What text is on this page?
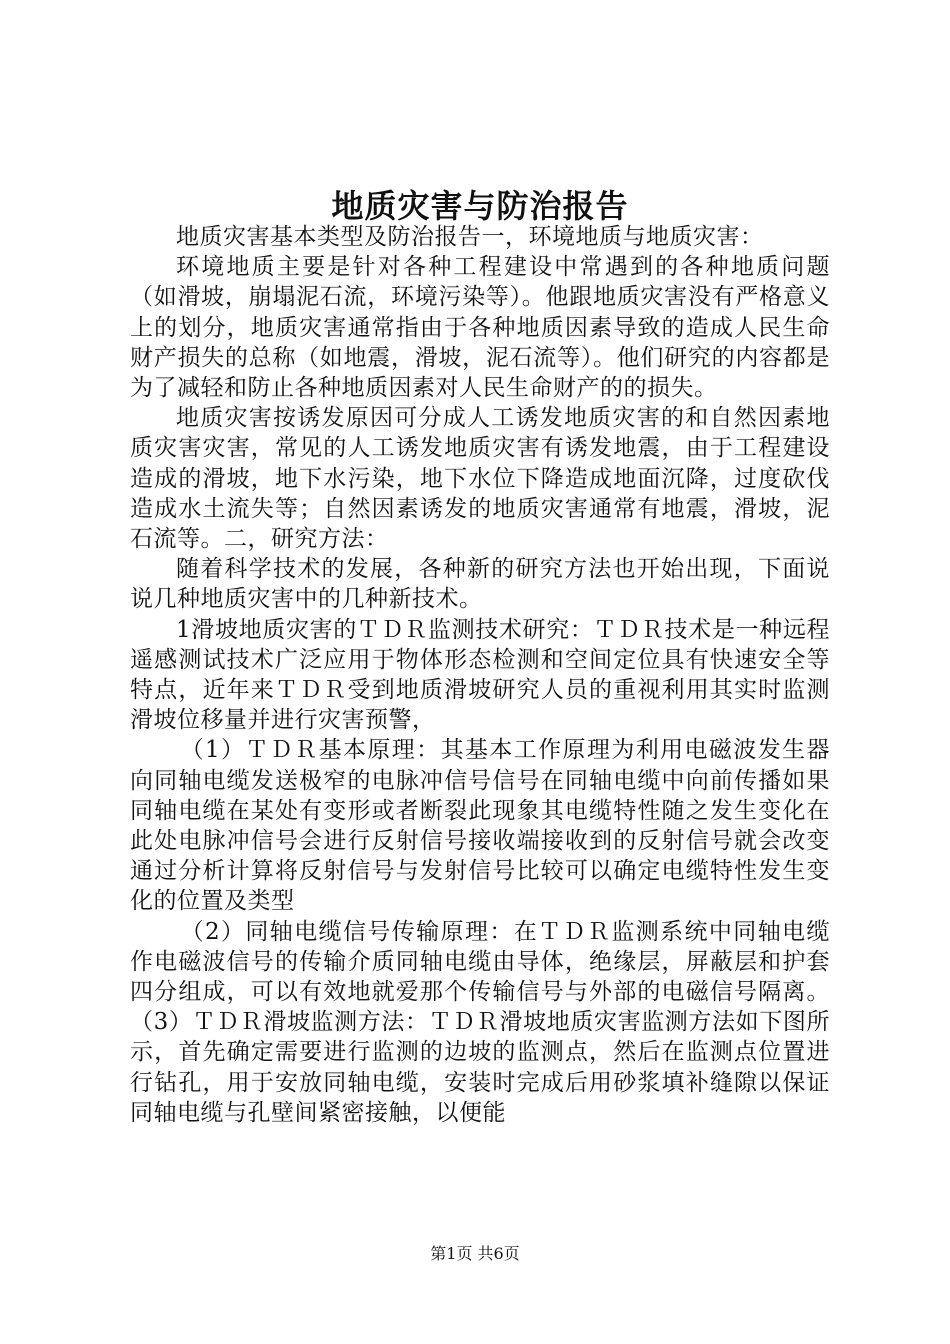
地质灾害与防治报告

地质灾害基本类型及防治报告一，环境地质与地质灾害：

环境地质主要是针对各种工程建设中常遇到的各种地质问题（如滑坡，崩塌泥石流，环境污染等）。他跟地质灾害没有严格意义上的划分，地质灾害通常指由于各种地质因素导致的造成人民生命财产损失的总称（如地震，滑坡，泥石流等）。他们研究的内容都是为了减轻和防止各种地质因素对人民生命财产的的损失。

地质灾害按诱发原因可分成人工诱发地质灾害的和自然因素地质灾害灾害，常见的人工诱发地质灾害有诱发地震，由于工程建设造成的滑坡，地下水污染，地下水位下降造成地面沉降，过度砍伐造成水土流失等；自然因素诱发的地质灾害通常有地震，滑坡，泥石流等。二，研究方法：

随着科学技术的发展，各种新的研究方法也开始出现，下面说说几种地质灾害中的几种新技术。

1滑坡地质灾害的ＴＤＲ监测技术研究：ＴＤＲ技术是一种远程遥感测试技术广泛应用于物体形态检测和空间定位具有快速安全等特点，近年来ＴＤＲ受到地质滑坡研究人员的重视利用其实时监测滑坡位移量并进行灾害预警，

（1）ＴＤＲ基本原理：其基本工作原理为利用电磁波发生器向同轴电缆发送极窄的电脉冲信号信号在同轴电缆中向前传播如果同轴电缆在某处有变形或者断裂此现象其电缆特性随之发生变化在此处电脉冲信号会进行反射信号接收端接收到的反射信号就会改变通过分析计算将反射信号与发射信号比较可以确定电缆特性发生变化的位置及类型

（2）同轴电缆信号传输原理：在ＴＤＲ监测系统中同轴电缆作电磁波信号的传输介质同轴电缆由导体，绝缘层，屏蔽层和护套四分组成，可以有效地就爱那个传输信号与外部的电磁信号隔离。（3）ＴＤＲ滑坡监测方法：ＴＤＲ滑坡地质灾害监测方法如下图所示，首先确定需要进行监测的边坡的监测点，然后在监测点位置进行钻孔，用于安放同轴电缆，安装时完成后用砂浆填补缝隙以保证同轴电缆与孔壁间紧密接触，以便能

第1页 共6页
